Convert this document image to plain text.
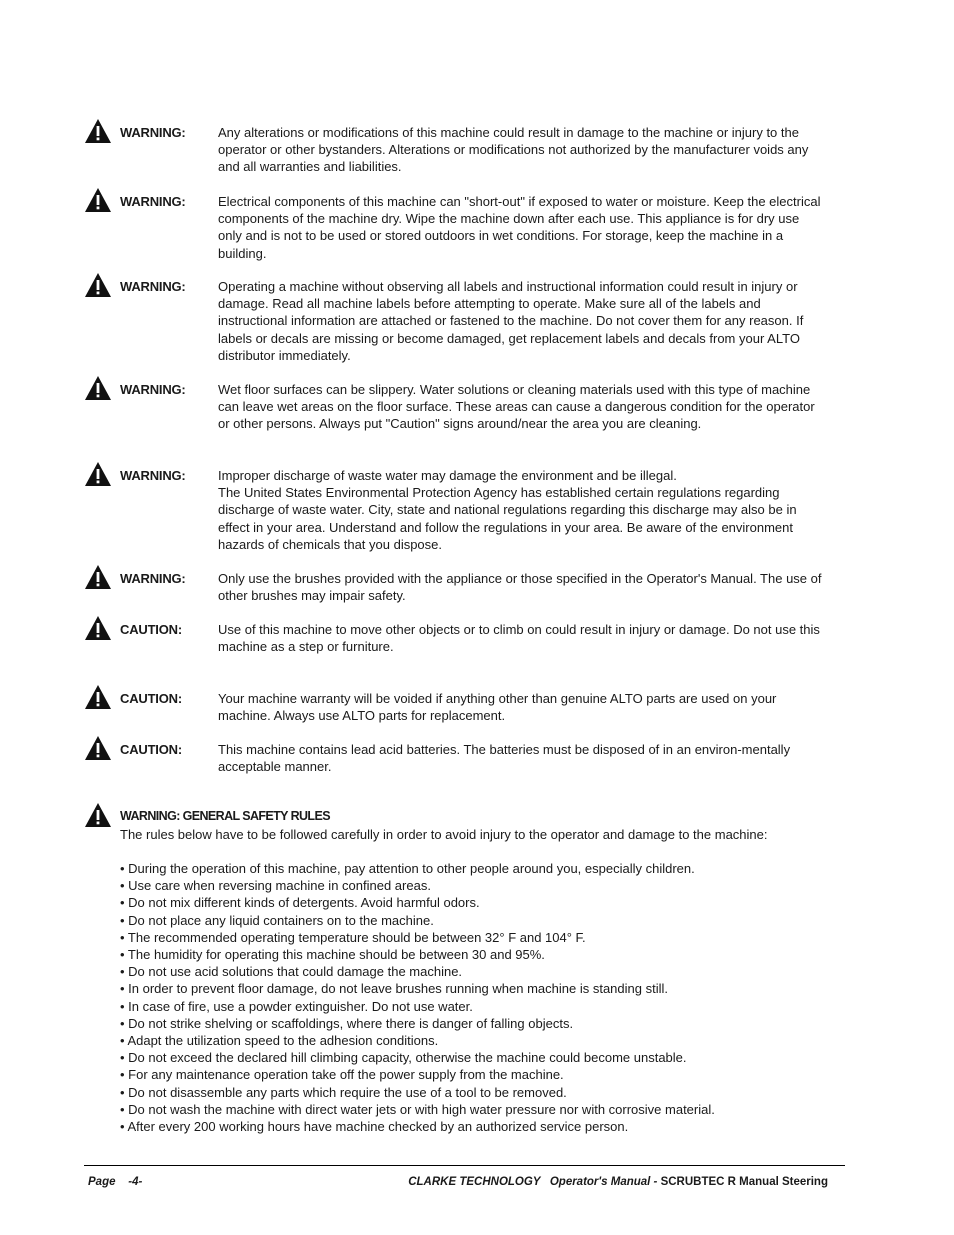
WARNING: Any alterations or modifications of this machine could result in damage to the machine or injury to the operator or other bystanders. Alterations or modifications not authorized by the manufacturer voids any and all warranties and liabilities.
WARNING: Electrical components of this machine can "short-out" if exposed to water or moisture. Keep the electrical components of the machine dry. Wipe the machine down after each use. This appliance is for dry use only and is not to be used or stored outdoors in wet conditions. For storage, keep the machine in a building.
WARNING: Operating a machine without observing all labels and instructional information could result in injury or damage. Read all machine labels before attempting to operate. Make sure all of the labels and instructional information are attached or fastened to the machine. Do not cover them for any reason. If labels or decals are missing or become damaged, get replacement labels and decals from your ALTO distributor immediately.
WARNING: Wet floor surfaces can be slippery. Water solutions or cleaning materials used with this type of machine can leave wet areas on the floor surface. These areas can cause a dangerous condition for the operator or other persons. Always put "Caution" signs around/near the area you are cleaning.
WARNING: Improper discharge of waste water may damage the environment and be illegal.
The United States Environmental Protection Agency has established certain regulations regarding discharge of waste water. City, state and national regulations regarding this discharge may also be in effect in your area. Understand and follow the regulations in your area. Be aware of the environment hazards of chemicals that you dispose.
WARNING: Only use the brushes provided with the appliance or those specified in the Operator's Manual. The use of other brushes may impair safety.
CAUTION:	Use of this machine to move other objects or to climb on could result in injury or damage. Do not use this machine as a step or furniture.
CAUTION:	Your machine warranty will be voided if anything other than genuine ALTO parts are used on your machine. Always use ALTO parts for replacement.
CAUTION:	This machine contains lead acid batteries. The batteries must be disposed of in an environ-mentally acceptable manner.
WARNING: GENERAL SAFETY RULES
The rules below have to be followed carefully in order to avoid injury to the operator and damage to the machine:
• During the operation of this machine, pay attention to other people around you, especially children.
• Use care when reversing machine in confined areas.
• Do not mix different kinds of detergents. Avoid harmful odors.
• Do not place any liquid containers on to the machine.
• The recommended operating temperature should be between 32° F and 104° F.
• The humidity for operating this machine should be between 30 and 95%.
• Do not use acid solutions that could damage the machine.
• In order to prevent floor damage, do not leave brushes running when machine is standing still.
• In case of fire, use a powder extinguisher. Do not use water.
• Do not strike shelving or scaffoldings, where there is danger of falling objects.
• Adapt the utilization speed to the adhesion conditions.
• Do not exceed the declared hill climbing capacity, otherwise the machine could become unstable.
• For any maintenance operation take off the power supply from the machine.
• Do not disassemble any parts which require the use of a tool to be removed.
• Do not wash the machine with direct water jets or with high water pressure nor with corrosive material.
• After every 200 working hours have machine checked by an authorized service person.
Page    -4-	CLARKE TECHNOLOGY   Operator's Manual - SCRUBTEC R Manual Steering
